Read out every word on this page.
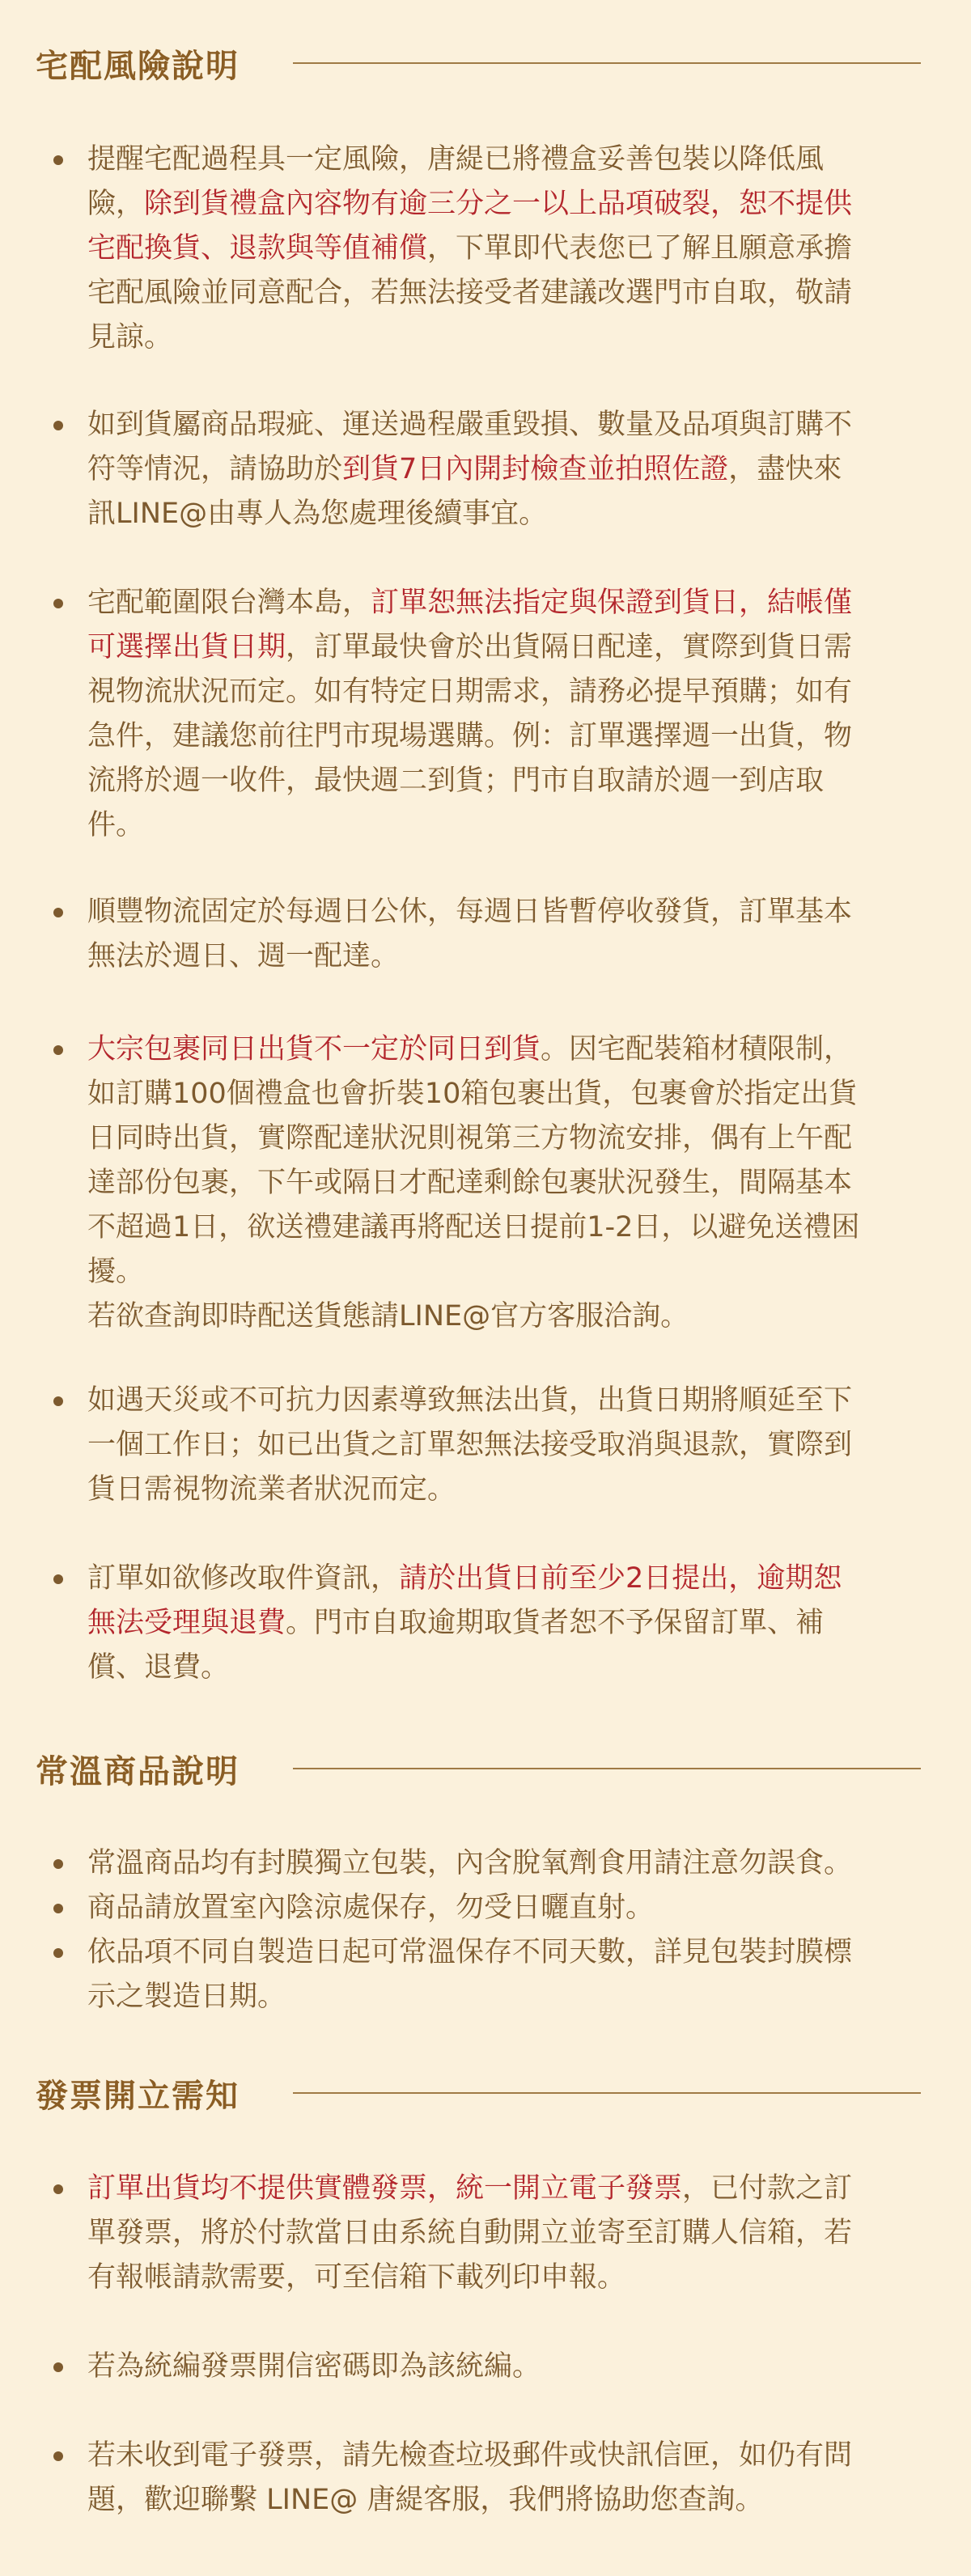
宅配風險說明
提醒宅配過程具一定風險，唐緹已將禮盒妥善包裝以降低風
險，除到貨禮盒內容物有逾三分之一以上品項破裂，恕不提供
宅配換貨、退款與等值補償，下單即代表您已了解且願意承擔
宅配風險並同意配合，若無法接受者建議改選門市自取，敬請
見諒。
如到貨屬商品瑕疵、運送過程嚴重毀損、數量及品項與訂購不
符等情況，請協助於到貨7日內開封檢查並拍照佐證，盡快來
訊LINE@由專人為您處理後續事宜。
宅配範圍限台灣本島，訂單恕無法指定與保證到貨日，結帳僅
可選擇出貨日期，訂單最快會於出貨隔日配達，實際到貨日需
視物流狀況而定。如有特定日期需求，請務必提早預購；如有
急件，建議您前往門市現場選購。例：訂單選擇週一出貨，物
流將於週一收件，最快週二到貨；門市自取請於週一到店取
件。
順豐物流固定於每週日公休，每週日皆暫停收發貨，訂單基本
無法於週日、週一配達。
大宗包裹同日出貨不一定於同日到貨。因宅配裝箱材積限制，
如訂購100個禮盒也會折裝10箱包裹出貨，包裹會於指定出貨
日同時出貨，實際配達狀況則視第三方物流安排，偶有上午配
達部份包裹，下午或隔日才配達剩餘包裹狀況發生，間隔基本
不超過1日，欲送禮建議再將配送日提前1-2日，以避免送禮困
擾。
若欲查詢即時配送貨態請LINE@官方客服洽詢。
如遇天災或不可抗力因素導致無法出貨，出貨日期將順延至下
一個工作日；如已出貨之訂單恕無法接受取消與退款，實際到
貨日需視物流業者狀況而定。
訂單如欲修改取件資訊，請於出貨日前至少2日提出，逾期恕
無法受理與退費。門市自取逾期取貨者恕不予保留訂單、補
償、退費。
常溫商品說明
常溫商品均有封膜獨立包裝，內含脫氧劑食用請注意勿誤食。
商品請放置室內陰涼處保存，勿受日曬直射。
依品項不同自製造日起可常溫保存不同天數，詳見包裝封膜標
示之製造日期。
發票開立需知
訂單出貨均不提供實體發票，統一開立電子發票，已付款之訂
單發票，將於付款當日由系統自動開立並寄至訂購人信箱，若
有報帳請款需要，可至信箱下載列印申報。
若為統編發票開信密碼即為該統編。
若未收到電子發票，請先檢查垃圾郵件或快訊信匣，如仍有問
題，歡迎聯繫 LINE@ 唐緹客服，我們將協助您查詢。
